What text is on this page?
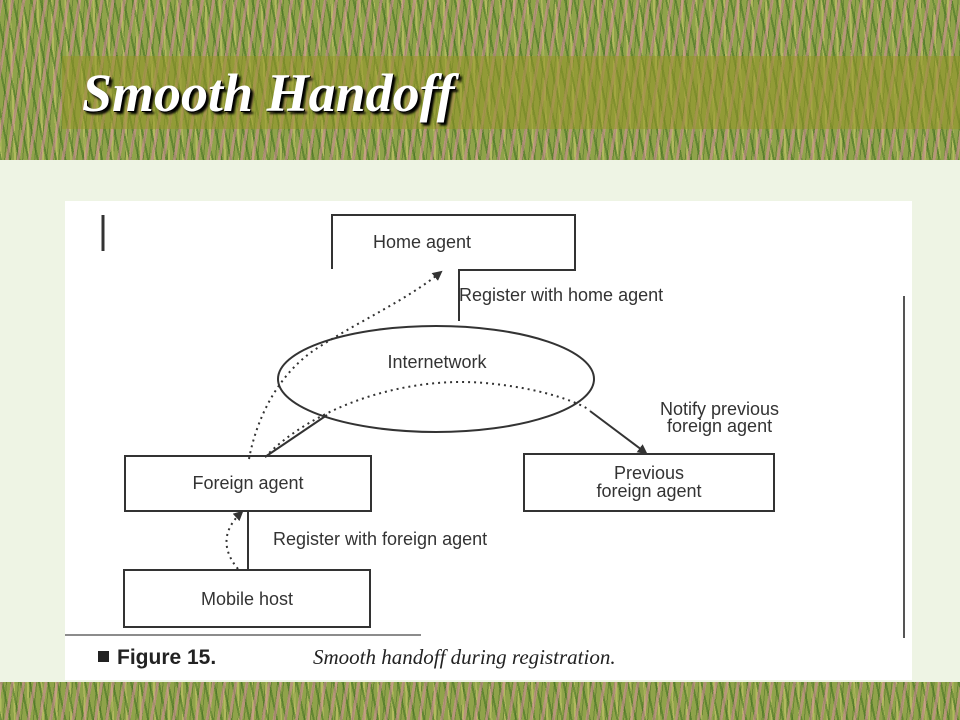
Smooth Handoff
Home agent
Register with home agent
Internetwork
Notify previous
foreign agent
Foreign agent	Previous
foreign agent
Register with foreign agent
Mobile host
Figure 15.	Smooth handoff during registration.
